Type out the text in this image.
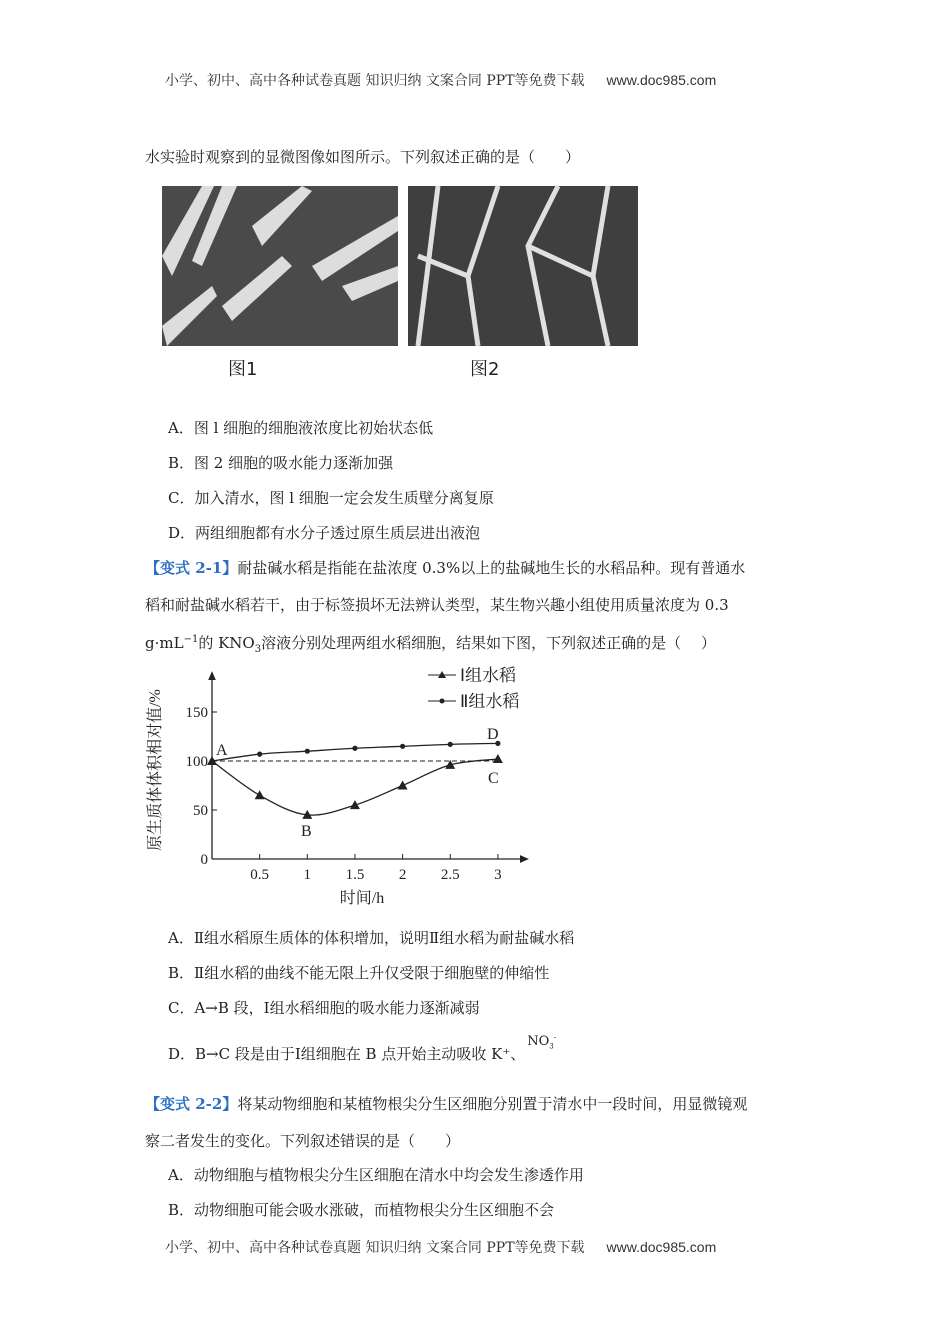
小学、初中、高中各种试卷真题 知识归纳 文案合同 PPT等免费下载 www.doc985.com
水实验时观察到的显微图像如图所示。下列叙述正确的是（　　）
图1	图2
A．图 l 细胞的细胞液浓度比初始状态低
B．图 2 细胞的吸水能力逐渐加强
C．加入清水，图 l 细胞一定会发生质壁分离复原
D．两组细胞都有水分子透过原生质层进出液泡
【变式 2-1】耐盐碱水稻是指能在盐浓度 0.3%以上的盐碱地生长的水稻品种。现有普通水
稻和耐盐碱水稻若干，由于标签损坏无法辨认类型，某生物兴趣小组使用质量浓度为 0.3
$g\cdot mL^{-1}$的 $KNO_3$溶液分别处理两组水稻细胞，结果如下图，下列叙述正确的是（　 ）
0
50
100
150
0.5 1 1.5 2 2.5 3
原生质体体积相对值/%
时间/h
A
B
C
D
Ⅰ组水稻
Ⅱ组水稻
A．Ⅱ组水稻原生质体的体积增加，说明Ⅱ组水稻为耐盐碱水稻
B．Ⅱ组水稻的曲线不能无限上升仅受限于细胞壁的伸缩性
C．A→B 段，Ⅰ组水稻细胞的吸水能力逐渐减弱
D．B→C 段是由于Ⅰ组细胞在 B 点开始主动吸收 K⁺、$NO_3^-$
【变式 2-2】将某动物细胞和某植物根尖分生区细胞分别置于清水中一段时间，用显微镜观
察二者发生的变化。下列叙述错误的是（　　）
A．动物细胞与植物根尖分生区细胞在清水中均会发生渗透作用
B．动物细胞可能会吸水涨破，而植物根尖分生区细胞不会
小学、初中、高中各种试卷真题 知识归纳 文案合同 PPT等免费下载 www.doc985.com
